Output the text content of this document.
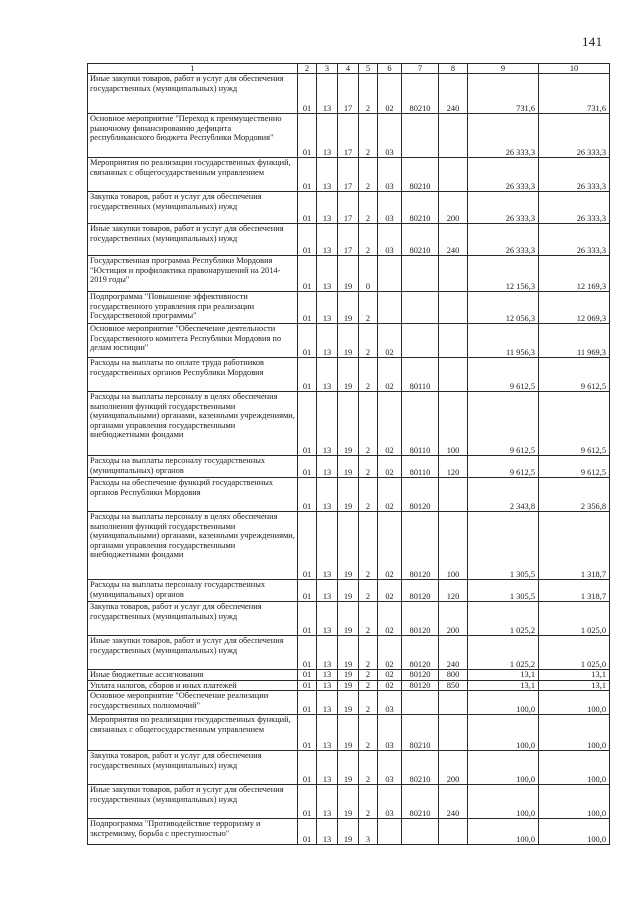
141
1	2	3	4	5	6	7	8	9	10
Иные закупки товаров, работ и услуг для обеспечения государственных (муниципальных) нужд	01	13	17	2	02	80210	240	731,6	731,6
Основное мероприятие "Переход к преимущественно рыночному финансированию дефицита республиканского бюджета Республики Мордовия"	01	13	17	2	03			26 333,3	26 333,3
Мероприятия по реализации государственных функций, связанных с общегосударственным управлением	01	13	17	2	03	80210		26 333,3	26 333,3
Закупка товаров, работ и услуг для обеспечения государственных (муниципальных) нужд	01	13	17	2	03	80210	200	26 333,3	26 333,3
Иные закупки товаров, работ и услуг для обеспечения государственных (муниципальных) нужд	01	13	17	2	03	80210	240	26 333,3	26 333,3
Государственная программа Республики Мордовия "Юстиция и профилактика правонарушений на 2014-2019 годы"	01	13	19	0				12 156,3	12 169,3
Подпрограмма "Повышение эффективности государственного управления при реализации Государственной программы"	01	13	19	2				12 056,3	12 069,3
Основное мероприятие "Обеспечение деятельности Государственного комитета Республики Мордовия по делам юстиции"	01	13	19	2	02			11 956,3	11 969,3
Расходы на выплаты по оплате труда работников государственных органов Республики Мордовия	01	13	19	2	02	80110		9 612,5	9 612,5
Расходы на выплаты персоналу в целях обеспечения выполнения функций государственными (муниципальными) органами, казенными учреждениями, органами управления государственными внебюджетными фондами	01	13	19	2	02	80110	100	9 612,5	9 612,5
Расходы на выплаты персоналу государственных (муниципальных) органов	01	13	19	2	02	80110	120	9 612,5	9 612,5
Расходы на обеспечение функций государственных органов Республики Мордовия	01	13	19	2	02	80120		2 343,8	2 356,8
Расходы на выплаты персоналу в целях обеспечения выполнения функций государственными (муниципальными) органами, казенными учреждениями, органами управления государственными внебюджетными фондами	01	13	19	2	02	80120	100	1 305,5	1 318,7
Расходы на выплаты персоналу государственных (муниципальных) органов	01	13	19	2	02	80120	120	1 305,5	1 318,7
Закупка товаров, работ и услуг для обеспечения государственных (муниципальных) нужд	01	13	19	2	02	80120	200	1 025,2	1 025,0
Иные закупки товаров, работ и услуг для обеспечения государственных (муниципальных) нужд	01	13	19	2	02	80120	240	1 025,2	1 025,0
Иные бюджетные ассигнования	01	13	19	2	02	80120	800	13,1	13,1
Уплата налогов, сборов и иных платежей	01	13	19	2	02	80120	850	13,1	13,1
Основное мероприятие "Обеспечение реализации государственных полномочий"	01	13	19	2	03			100,0	100,0
Мероприятия по реализации государственных функций, связанных с общегосударственным управлением	01	13	19	2	03	80210		100,0	100,0
Закупка товаров, работ и услуг для обеспечения государственных (муниципальных) нужд	01	13	19	2	03	80210	200	100,0	100,0
Иные закупки товаров, работ и услуг для обеспечения государственных (муниципальных) нужд	01	13	19	2	03	80210	240	100,0	100,0
Подпрограмма "Противодействие терроризму и экстремизму, борьба с преступностью"	01	13	19	3				100,0	100,0
